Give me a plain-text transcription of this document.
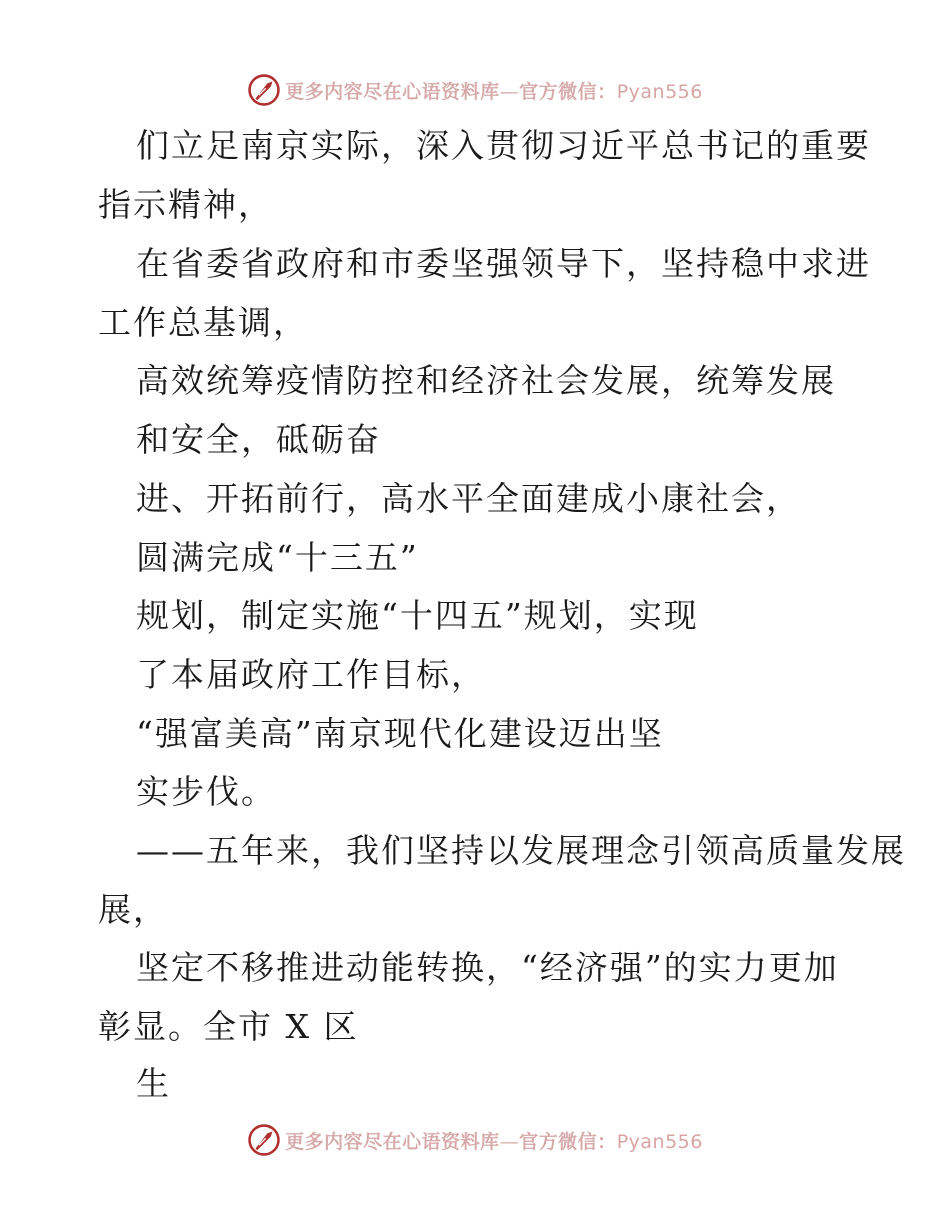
更多内容尽在心语资料库—官方微信：Pyan556
们立足南京实际，深入贯彻习近平总书记的重要
指示精神，
在省委省政府和市委坚强领导下，坚持稳中求进
工作总基调，
高效统筹疫情防控和经济社会发展，统筹发展
和安全，砥砺奋
进、开拓前行，高水平全面建成小康社会，
圆满完成“十三五”
规划，制定实施“十四五”规划，实现
了本届政府工作目标，
“强富美高”南京现代化建设迈出坚
实步伐。
——五年来，我们坚持以发展理念引领高质量发展
展，
坚定不移推进动能转换，“经济强”的实力更加
彰显。全市 X 区
生
更多内容尽在心语资料库—官方微信：Pyan556
